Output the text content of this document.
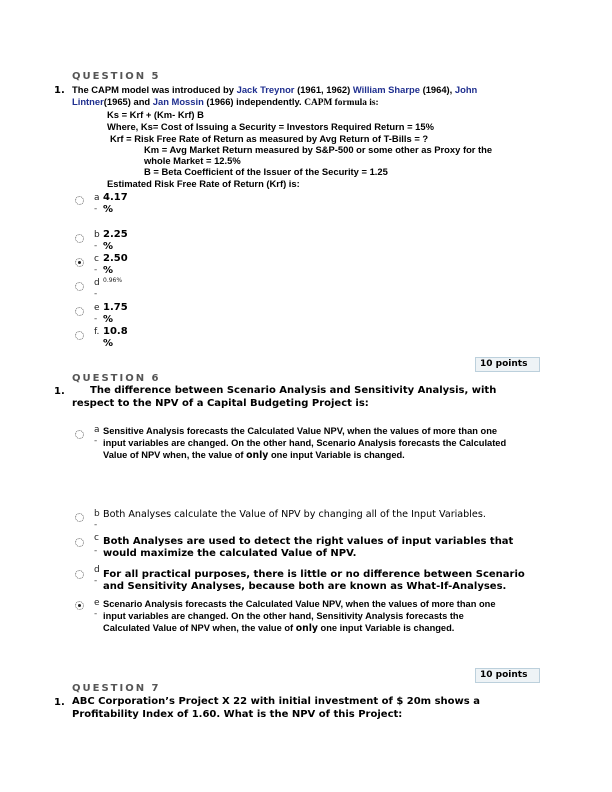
QUESTION 5
1. The CAPM model was introduced by Jack Treynor (1961, 1962) William Sharpe (1964), John
Lintner(1965) and Jan Mossin (1966) independently. CAPM formula is:
Ks = Krf + (Km- Krf) B
Where, Ks= Cost of Issuing a Security = Investors Required Return = 15%
Krf = Risk Free Rate of Return as measured by Avg Return of T-Bills = ?
Km = Avg Market Return measured by S&P-500 or some other as Proxy for the
whole Market = 12.5%
B = Beta Coefficient of the Issuer of the Security = 1.25
Estimated Risk Free Rate of Return (Krf) is:
a
-
4.17
%
b
-
2.25
%
c
-
2.50
%
d
-
0.96%
e
-
1.75
%
f. 10.8
%
10 points
QUESTION 6
1.	The difference between Scenario Analysis and Sensitivity Analysis, with
respect to the NPV of a Capital Budgeting Project is:
a
-
Sensitive Analysis forecasts the Calculated Value NPV, when the values of more than one
input variables are changed. On the other hand, Scenario Analysis forecasts the Calculated
Value of NPV when, the value of only one input Variable is changed.
b
-
Both Analyses calculate the Value of NPV by changing all of the Input Variables.
c
-
Both Analyses are used to detect the right values of input variables that
would maximize the calculated Value of NPV.
d
-
For all practical purposes, there is little or no difference between Scenario
and Sensitivity Analyses, because both are known as What-If-Analyses.
e
-
Scenario Analysis forecasts the Calculated Value NPV, when the values of more than one
input variables are changed. On the other hand, Sensitivity Analysis forecasts the
Calculated Value of NPV when, the value of only one input Variable is changed.
10 points
QUESTION 7
1. ABC Corporation’s Project X 22 with initial investment of $ 20m shows a
Profitability Index of 1.60. What is the NPV of this Project:
